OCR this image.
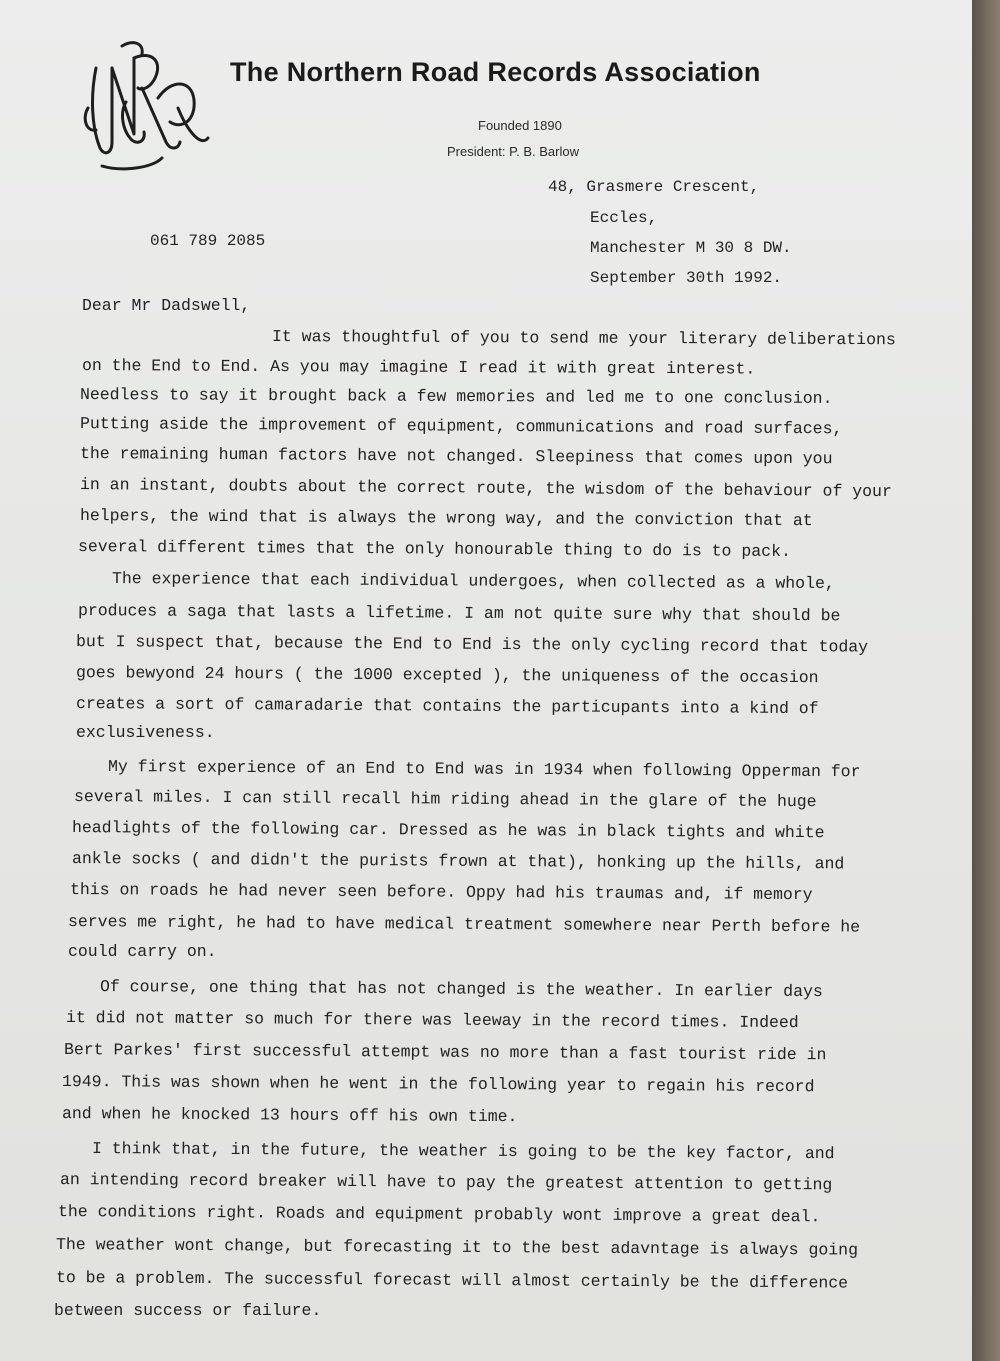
The Northern Road Records Association
Founded 1890
President: P. B. Barlow
48, Grasmere Crescent,
Eccles,
Manchester M 30 8 DW.
September 30th 1992.
061 789 2085
Dear Mr Dadswell,
It was thoughtful of you to send me your literary deliberations
on the End to End. As you may imagine I read it with great interest.
Needless to say it brought back a few memories and led me to one conclusion.
Putting aside the improvement of equipment, communications and road surfaces,
the remaining human factors have not changed. Sleepiness that comes upon you
in an instant, doubts about the correct route, the wisdom of the behaviour of your
helpers, the wind that is always the wrong way, and the conviction that at
several different times that the only honourable thing to do is to pack.
The experience that each individual undergoes, when collected as a whole,
produces a saga that lasts a lifetime. I am not quite sure why that should be
but I suspect that, because the End to End is the only cycling record that today
goes bewyond 24 hours ( the 1000 excepted ), the uniqueness of the occasion
creates a sort of camaradarie that contains the particupants into a kind of
exclusiveness.
My first experience of an End to End was in 1934 when following Opperman for
several miles. I can still recall him riding ahead in the glare of the huge
headlights of the following car. Dressed as he was in black tights and white
ankle socks ( and didn't the purists frown at that), honking up the hills, and
this on roads he had never seen before. Oppy had his traumas and, if memory
serves me right, he had to have medical treatment somewhere near Perth before he
could carry on.
Of course, one thing that has not changed is the weather. In earlier days
it did not matter so much for there was leeway in the record times. Indeed
Bert Parkes' first successful attempt was no more than a fast tourist ride in
1949. This was shown when he went in the following year to regain his record
and when he knocked 13 hours off his own time.
I think that, in the future, the weather is going to be the key factor, and
an intending record breaker will have to pay the greatest attention to getting
the conditions right. Roads and equipment probably wont improve a great deal.
The weather wont change, but forecasting it to the best adavntage is always going
to be a problem. The successful forecast will almost certainly be the difference
between success or failure.
